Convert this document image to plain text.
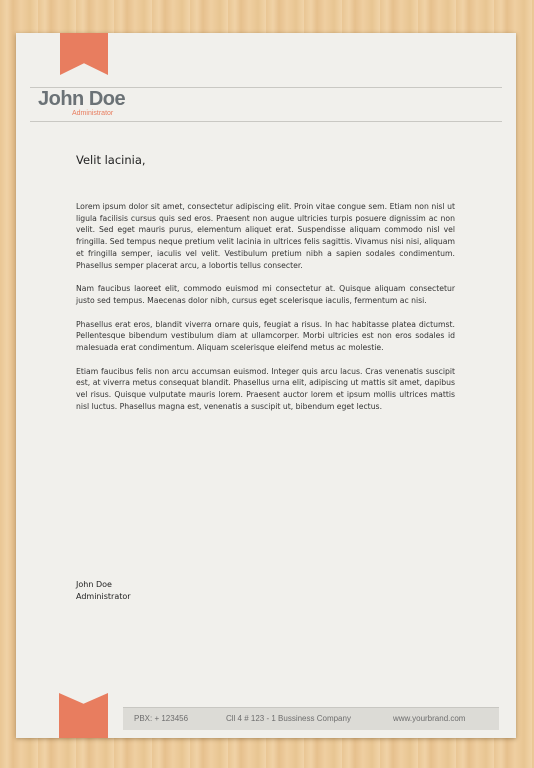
John Doe
Administrator
Velit lacinia,

Lorem ipsum dolor sit amet, consectetur adipiscing elit. Proin vitae congue sem. Etiam non nisl ut ligula facilisis cursus quis sed eros. Praesent non augue ultricies turpis posuere dignissim ac non velit. Sed eget mauris purus, elementum aliquet erat. Suspendisse aliquam commodo nisl vel fringilla. Sed tempus neque pretium velit lacinia in ultrices felis sagittis. Vivamus nisi nisi, aliquam et fringilla semper, iaculis vel velit. Vestibulum pretium nibh a sapien sodales condimentum. Phasellus semper placerat arcu, a lobortis tellus consecter.

Nam faucibus laoreet elit, commodo euismod mi consectetur at. Quisque aliquam consectetur justo sed tempus. Maecenas dolor nibh, cursus eget scelerisque iaculis, fermentum ac nisi.

Phasellus erat eros, blandit viverra ornare quis, feugiat a risus. In hac habitasse platea dictumst. Pellentesque bibendum vestibulum diam at ullamcorper. Morbi ultricies est non eros sodales id malesuada erat condimentum. Aliquam scelerisque eleifend metus ac molestie.

Etiam faucibus felis non arcu accumsan euismod. Integer quis arcu lacus. Cras venenatis suscipit est, at viverra metus consequat blandit. Phasellus urna elit, adipiscing ut mattis sit amet, dapibus vel risus. Quisque vulputate mauris lorem. Praesent auctor lorem et ipsum mollis ultrices mattis nisl luctus. Phasellus magna est, venenatis a suscipit ut, bibendum eget lectus.

John Doe
Administrator
PBX: + 123456	Cll 4 # 123 - 1 Bussiness Company	www.yourbrand.com
